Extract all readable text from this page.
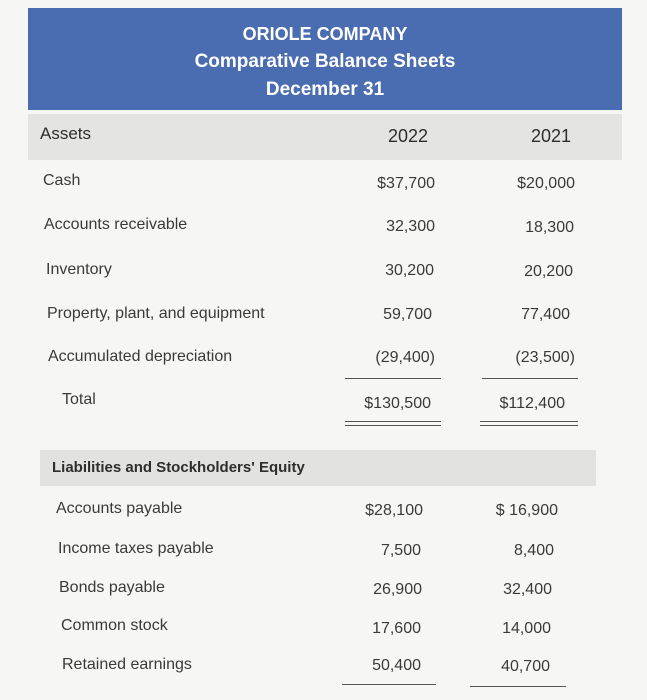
ORIOLE COMPANY
Comparative Balance Sheets
December 31
Assets	2022	2021
Cash	$37,700	$20,000
Accounts receivable	32,300	18,300
Inventory	30,200	20,200
Property, plant, and equipment	59,700	77,400
Accumulated depreciation	(29,400)	(23,500)
Total	$130,500	$112,400
Liabilities and Stockholders' Equity
Accounts payable	$28,100	$ 16,900
Income taxes payable	7,500	8,400
Bonds payable	26,900	32,400
Common stock	17,600	14,000
Retained earnings	50,400	40,700
